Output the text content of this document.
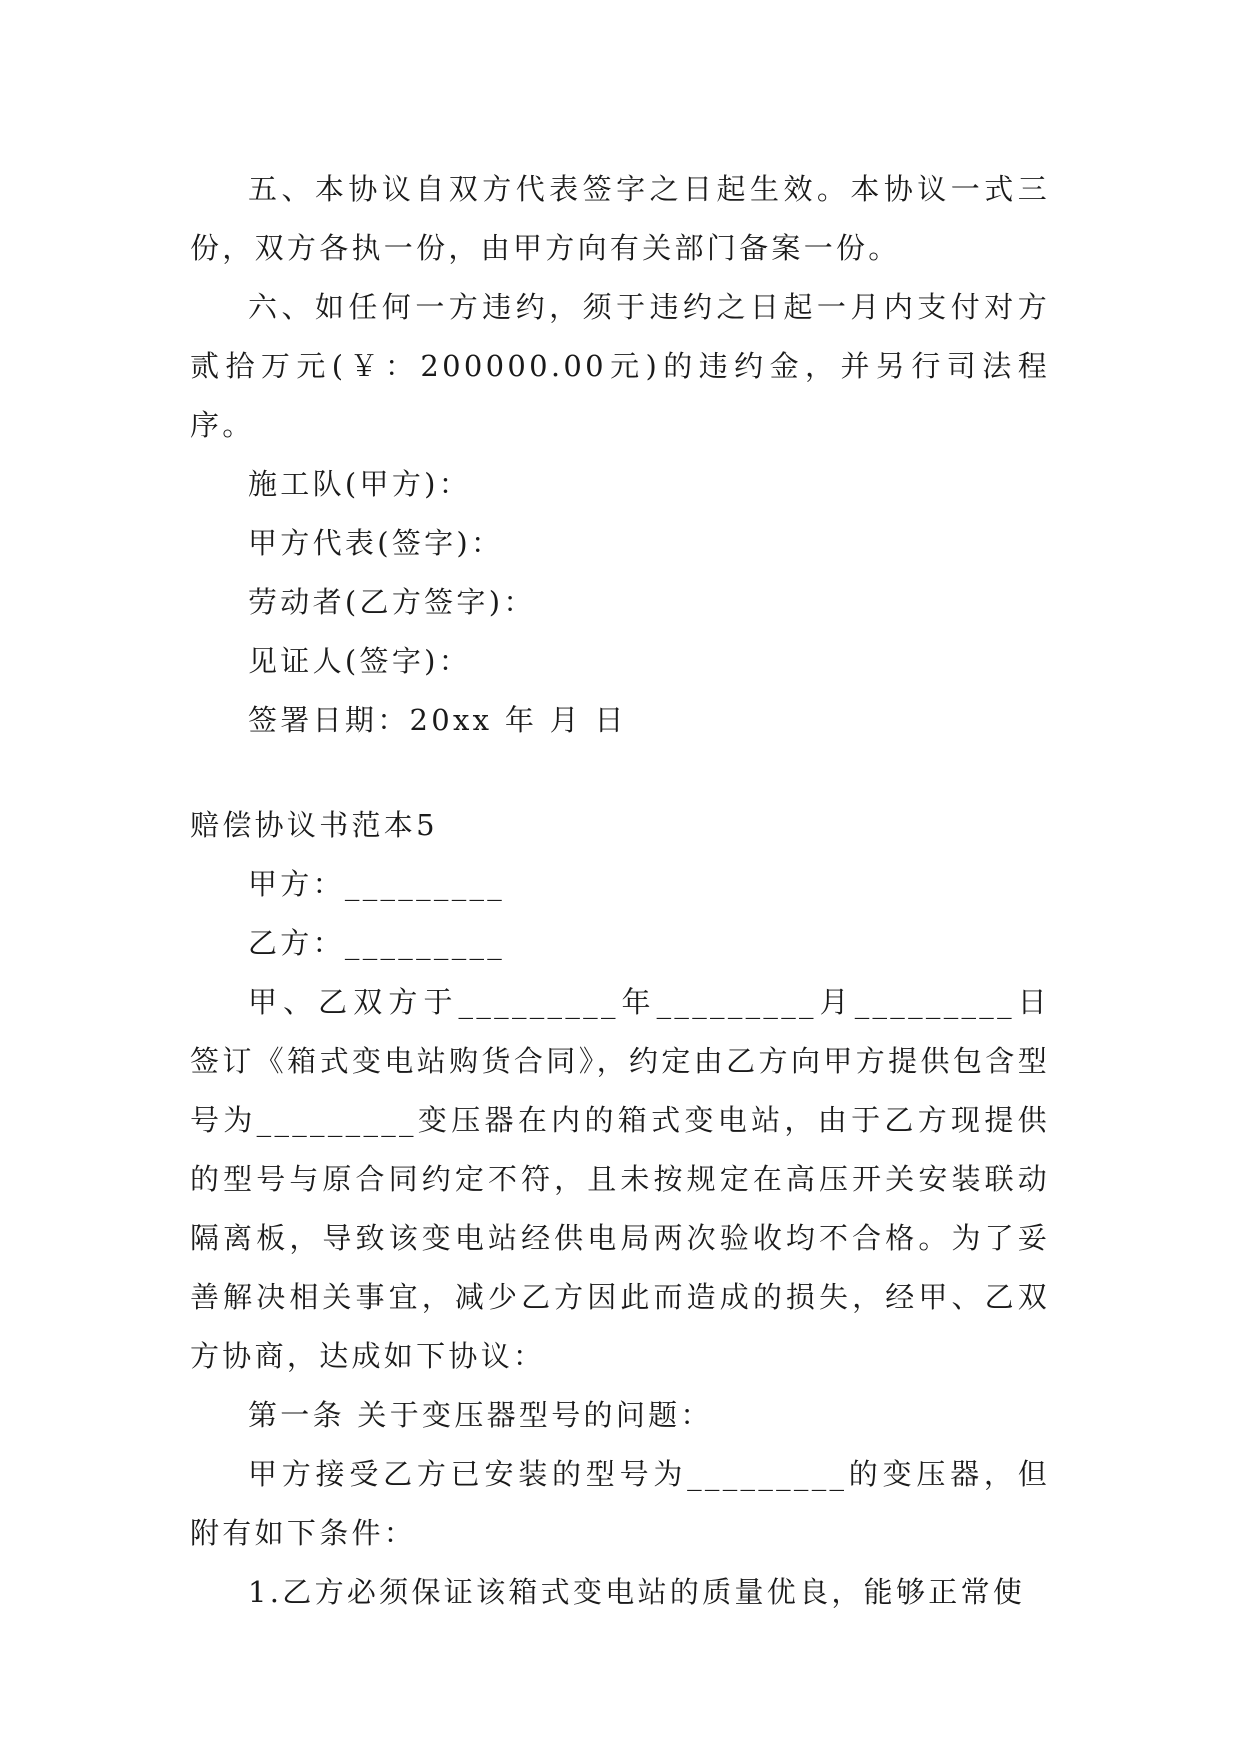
五、本协议自双方代表签字之日起生效。本协议一式三份，双方各执一份，由甲方向有关部门备案一份。

六、如任何一方违约，须于违约之日起一月内支付对方贰拾万元(￥：200000.00元)的违约金，并另行司法程序。

施工队(甲方)：

甲方代表(签字)：

劳动者(乙方签字)：

见证人(签字)：

签署日期：20xx 年 月 日

赔偿协议书范本5

甲方：_________

乙方：_________

甲、乙双方于_________年_________月_________日签订《箱式变电站购货合同》，约定由乙方向甲方提供包含型号为_________变压器在内的箱式变电站，由于乙方现提供的型号与原合同约定不符，且未按规定在高压开关安装联动隔离板，导致该变电站经供电局两次验收均不合格。为了妥善解决相关事宜，减少乙方因此而造成的损失，经甲、乙双方协商，达成如下协议：

第一条 关于变压器型号的问题：

甲方接受乙方已安装的型号为_________的变压器，但附有如下条件：

1.乙方必须保证该箱式变电站的质量优良，能够正常使
